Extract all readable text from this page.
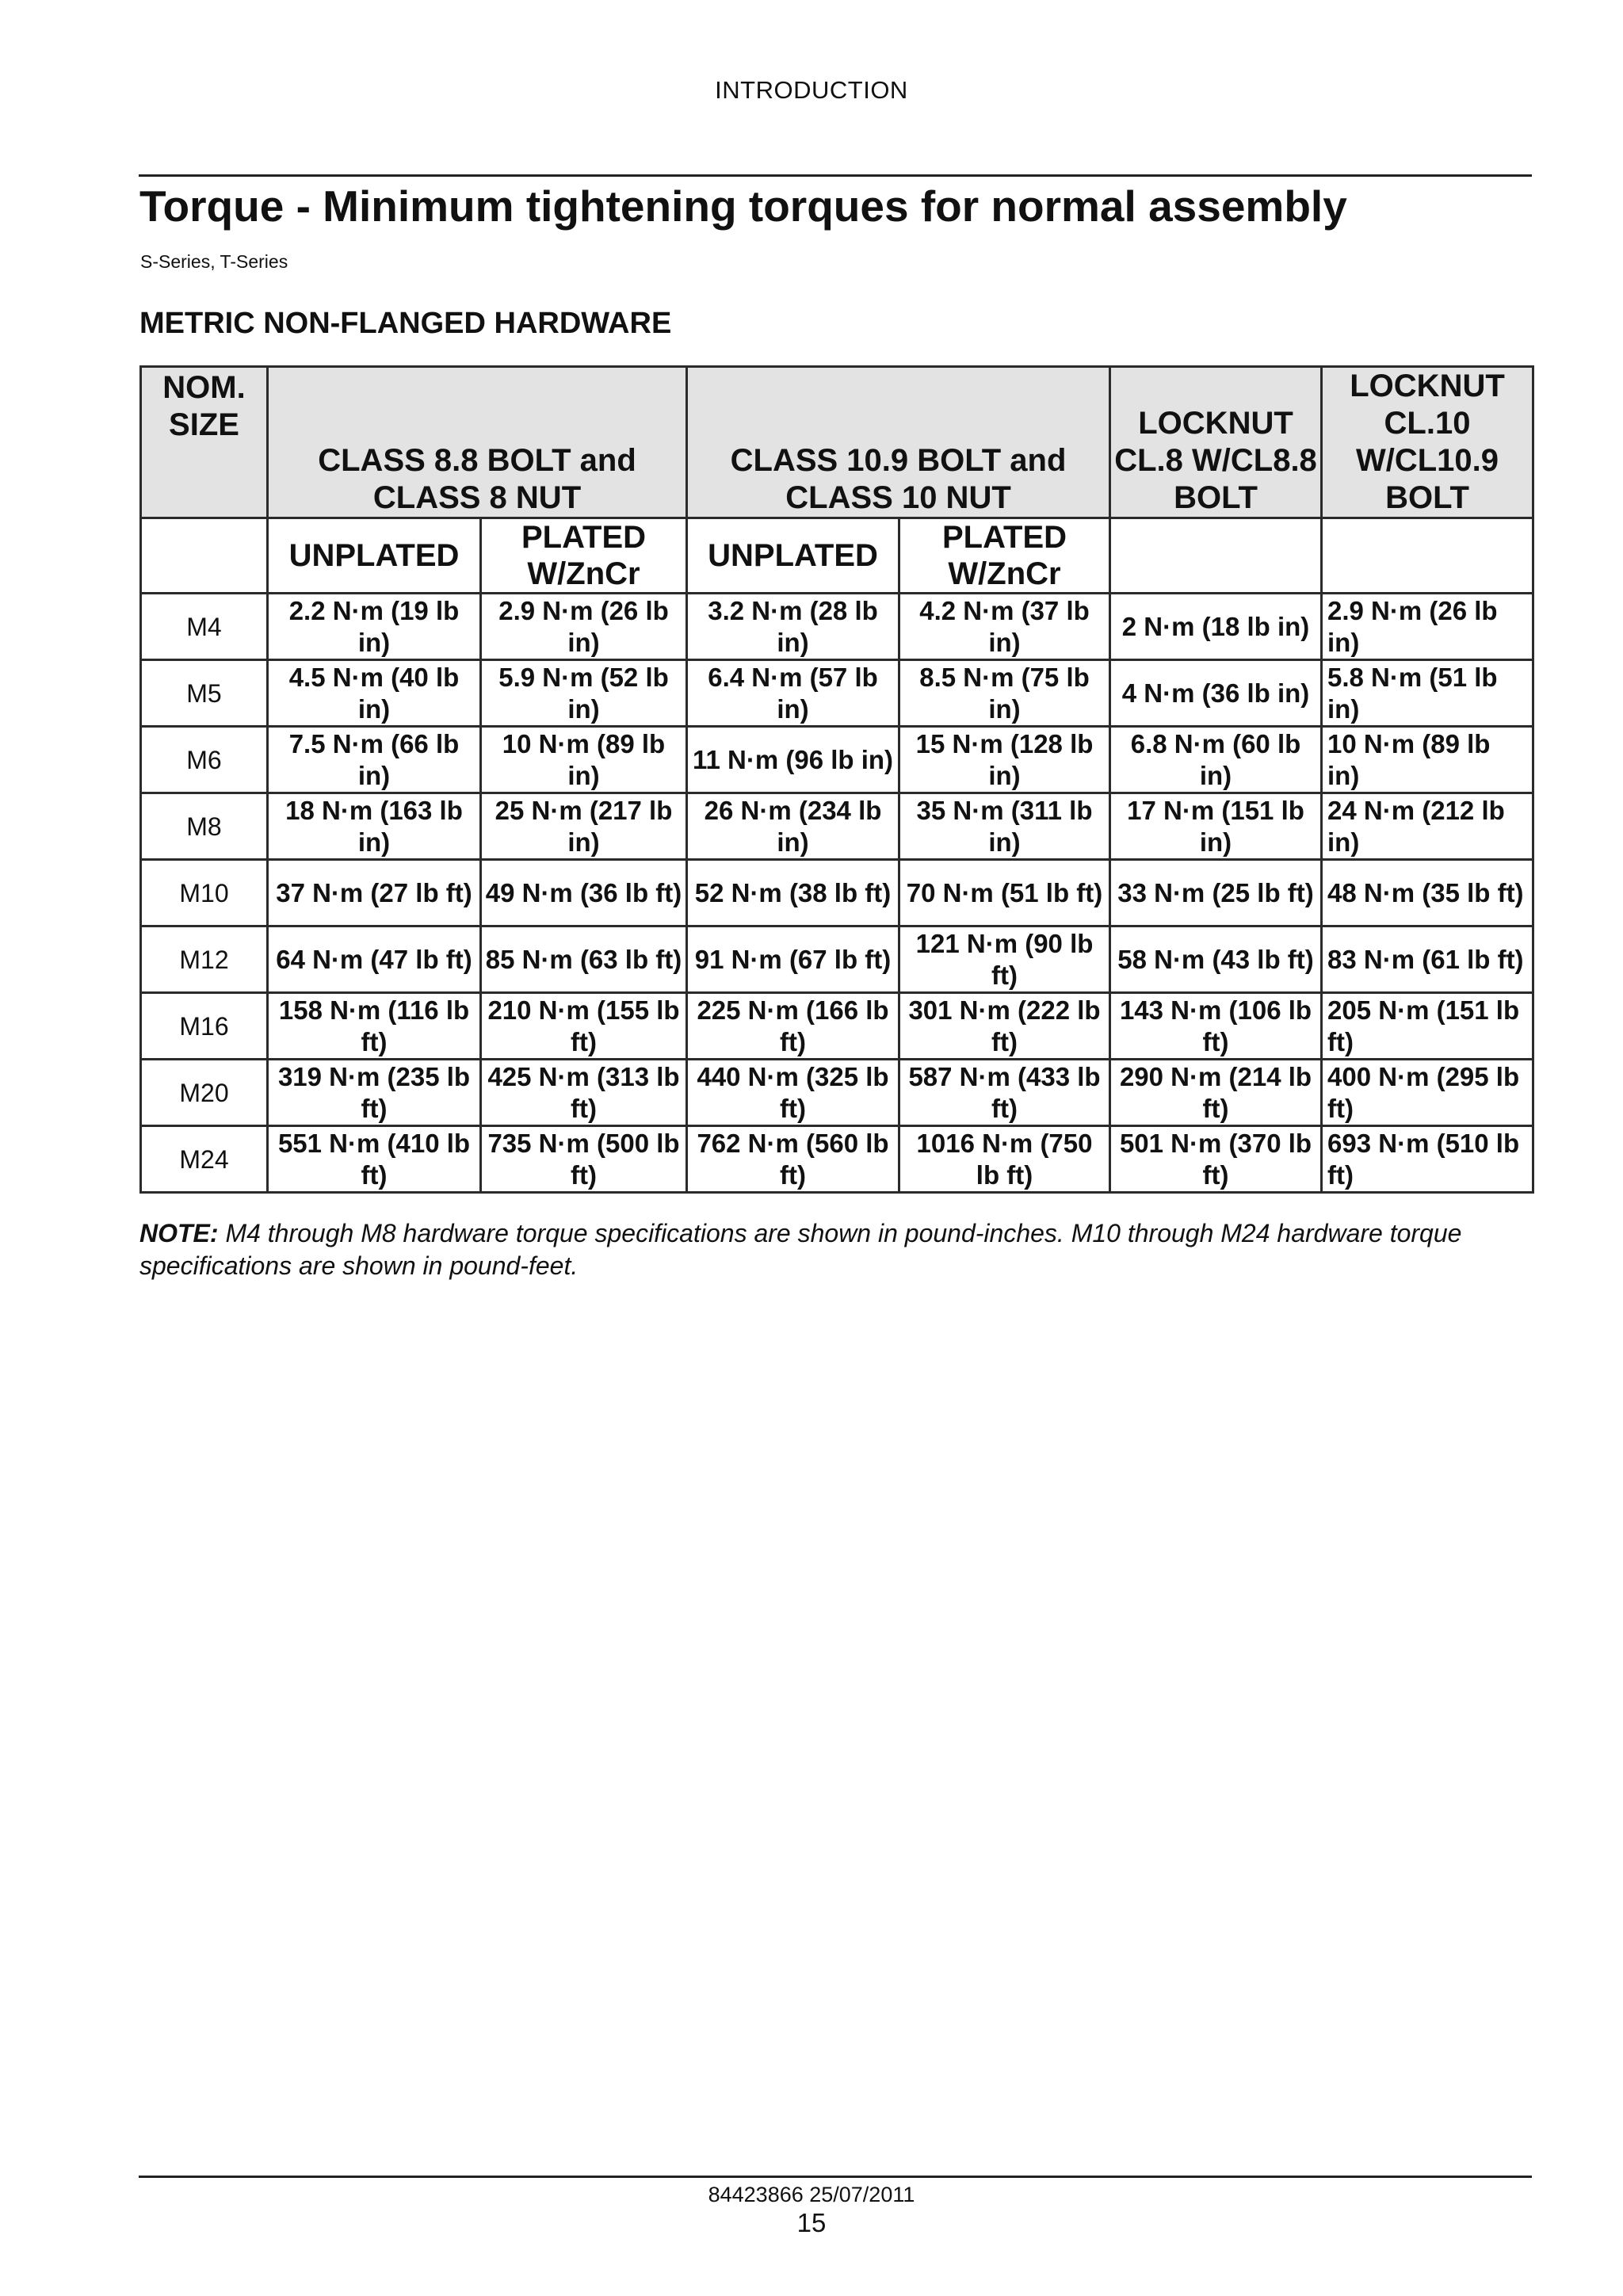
INTRODUCTION
Torque - Minimum tightening torques for normal assembly
S-Series, T-Series
METRIC NON-FLANGED HARDWARE
NOM. SIZE	CLASS 8.8 BOLT and CLASS 8 NUT		CLASS 10.9 BOLT and CLASS 10 NUT		LOCKNUT CL.8 W/CL8.8 BOLT	LOCKNUT CL.10 W/CL10.9 BOLT
	UNPLATED	PLATED W/ZnCr	UNPLATED	PLATED W/ZnCr		
M4	2.2 N·m (19 lb in)	2.9 N·m (26 lb in)	3.2 N·m (28 lb in)	4.2 N·m (37 lb in)	2 N·m (18 lb in)	2.9 N·m (26 lb in)
M5	4.5 N·m (40 lb in)	5.9 N·m (52 lb in)	6.4 N·m (57 lb in)	8.5 N·m (75 lb in)	4 N·m (36 lb in)	5.8 N·m (51 lb in)
M6	7.5 N·m (66 lb in)	10 N·m (89 lb in)	11 N·m (96 lb in)	15 N·m (128 lb in)	6.8 N·m (60 lb in)	10 N·m (89 lb in)
M8	18 N·m (163 lb in)	25 N·m (217 lb in)	26 N·m (234 lb in)	35 N·m (311 lb in)	17 N·m (151 lb in)	24 N·m (212 lb in)
M10	37 N·m (27 lb ft)	49 N·m (36 lb ft)	52 N·m (38 lb ft)	70 N·m (51 lb ft)	33 N·m (25 lb ft)	48 N·m (35 lb ft)
M12	64 N·m (47 lb ft)	85 N·m (63 lb ft)	91 N·m (67 lb ft)	121 N·m (90 lb ft)	58 N·m (43 lb ft)	83 N·m (61 lb ft)
M16	158 N·m (116 lb ft)	210 N·m (155 lb ft)	225 N·m (166 lb ft)	301 N·m (222 lb ft)	143 N·m (106 lb ft)	205 N·m (151 lb ft)
M20	319 N·m (235 lb ft)	425 N·m (313 lb ft)	440 N·m (325 lb ft)	587 N·m (433 lb ft)	290 N·m (214 lb ft)	400 N·m (295 lb ft)
M24	551 N·m (410 lb ft)	735 N·m (500 lb ft)	762 N·m (560 lb ft)	1016 N·m (750 lb ft)	501 N·m (370 lb ft)	693 N·m (510 lb ft)

NOTE: M4 through M8 hardware torque specifications are shown in pound-inches. M10 through M24 hardware torque specifications are shown in pound-feet.

84423866 25/07/2011
15
